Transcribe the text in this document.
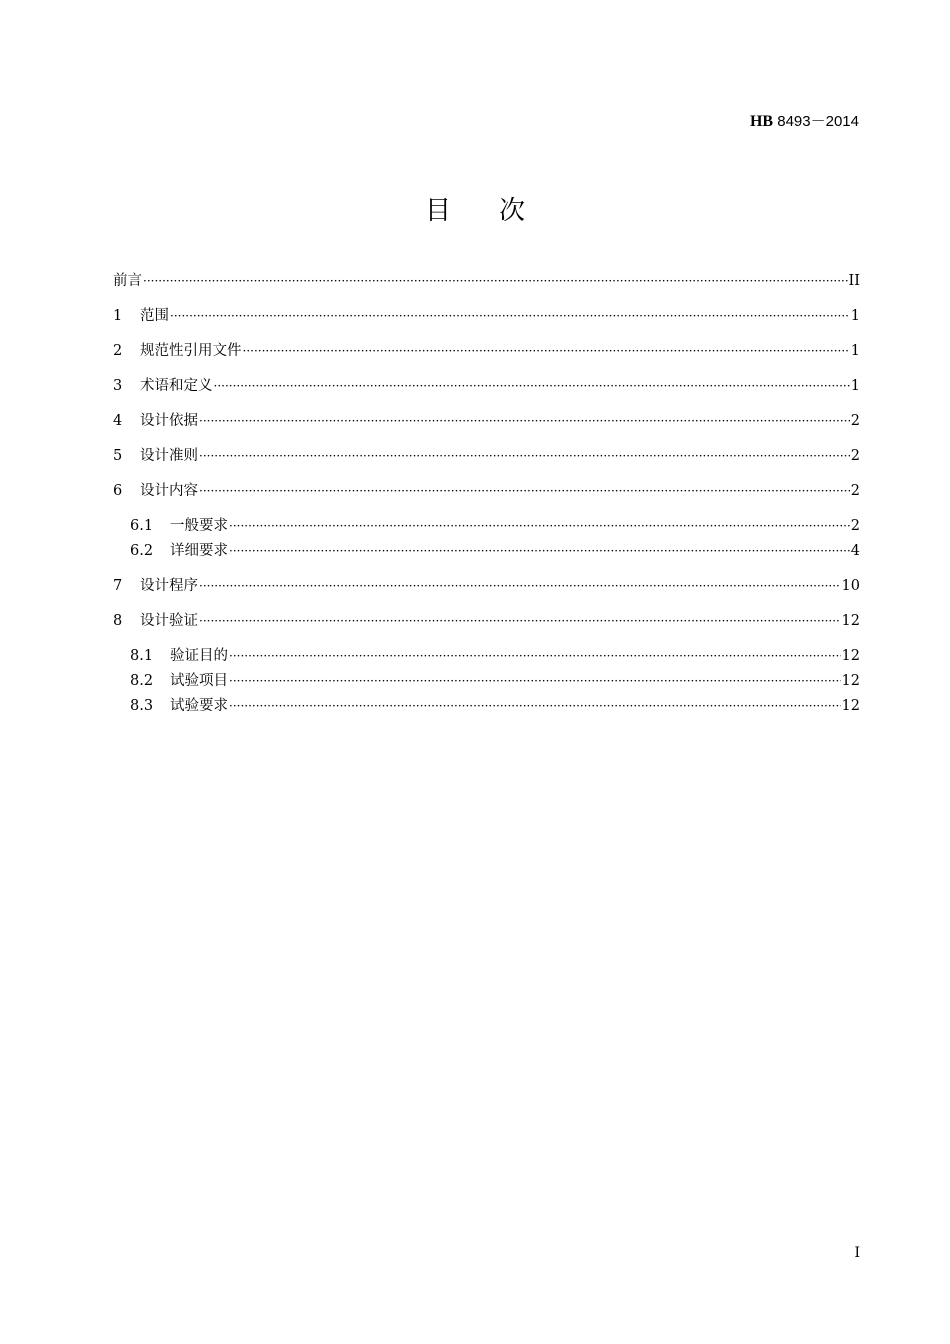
HB 8493－2014
目 次
前言 ·····	II
1	范围 ·····	1
2	规范性引用文件 ·····	1
3	术语和定义 ·····	1
4	设计依据 ·····	2
5	设计准则 ·····	2
6	设计内容 ·····	2
6.1	一般要求 ·····	2
6.2	详细要求 ·····	4
7	设计程序 ·····	10
8	设计验证 ·····	12
8.1	验证目的 ·····	12
8.2	试验项目 ·····	12
8.3	试验要求 ·····	12
I
